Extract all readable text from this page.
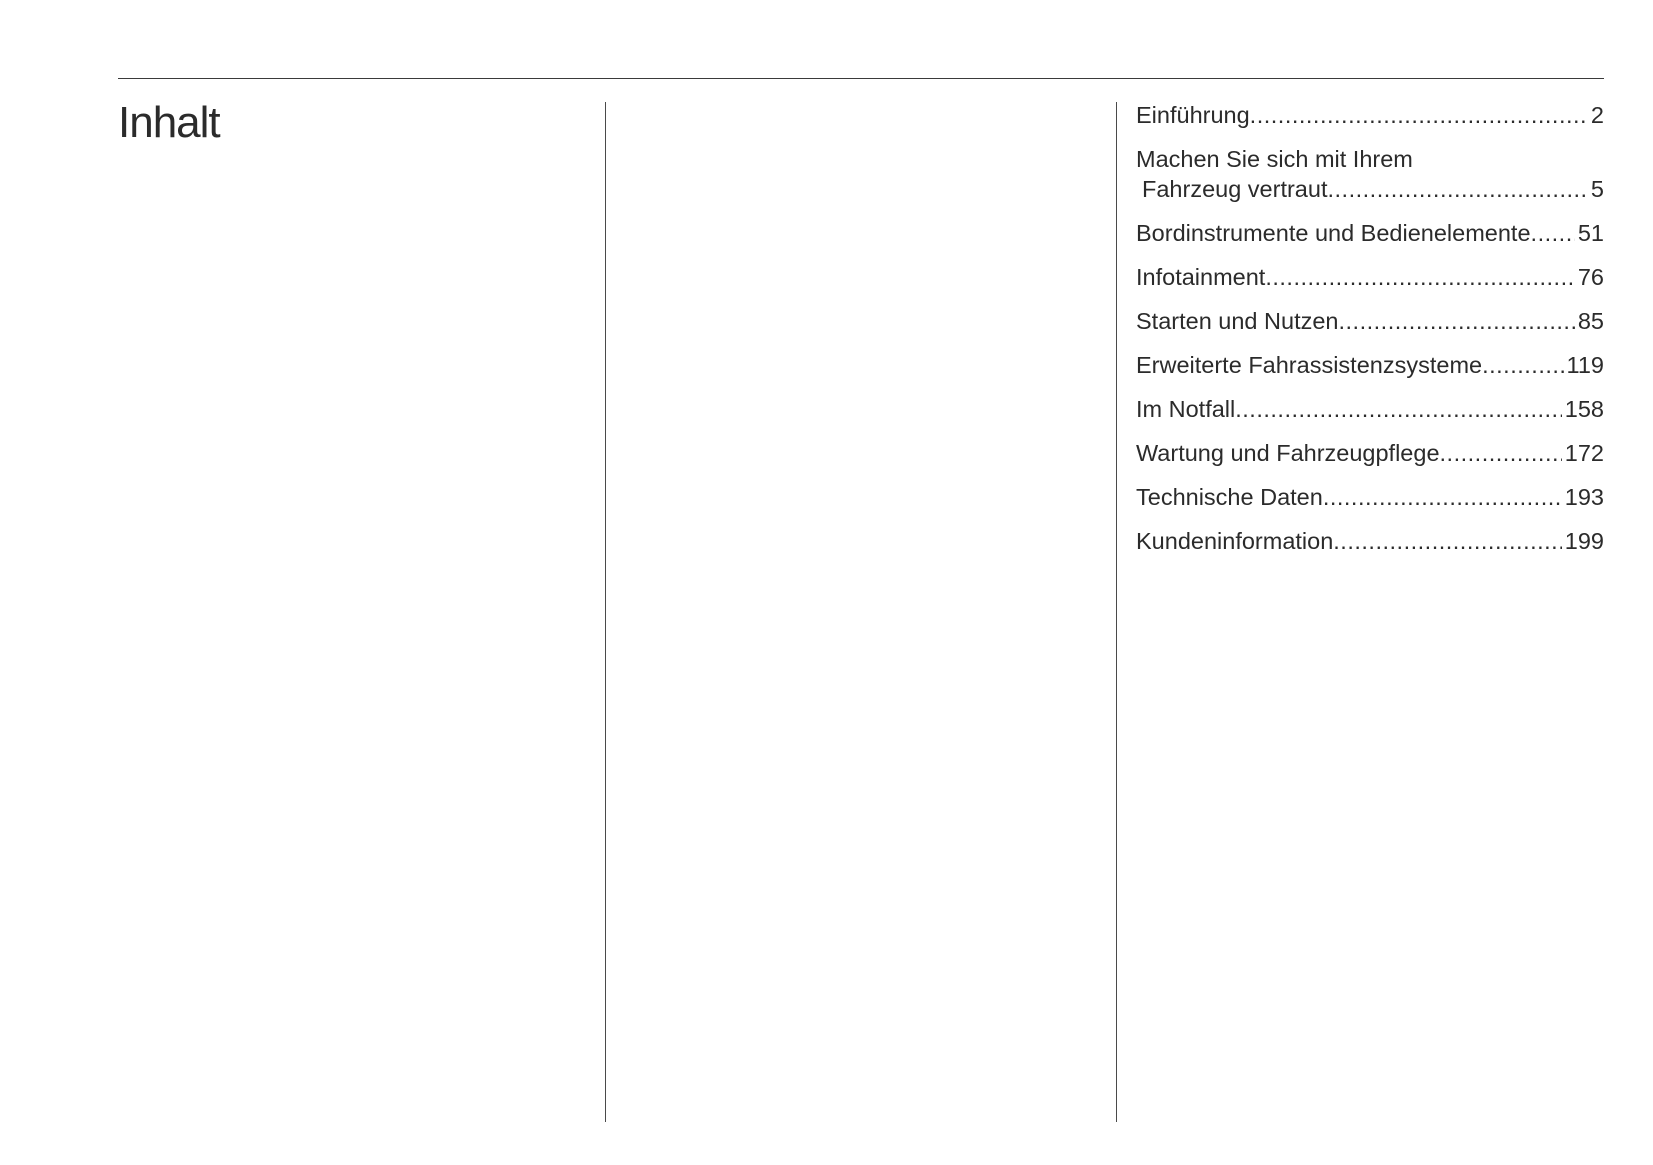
Inhalt	Einführung .....	2
Machen Sie sich mit Ihrem
Fahrzeug vertraut .....	5
Bordinstrumente und Bedienelemente ..... 51
Infotainment .....	76
Starten und Nutzen .....	85
Erweiterte Fahrassistenzsysteme .....	119
Im Notfall .....	158
Wartung und Fahrzeugpflege .....	172
Technische Daten .....	193
Kundeninformation .....	199
